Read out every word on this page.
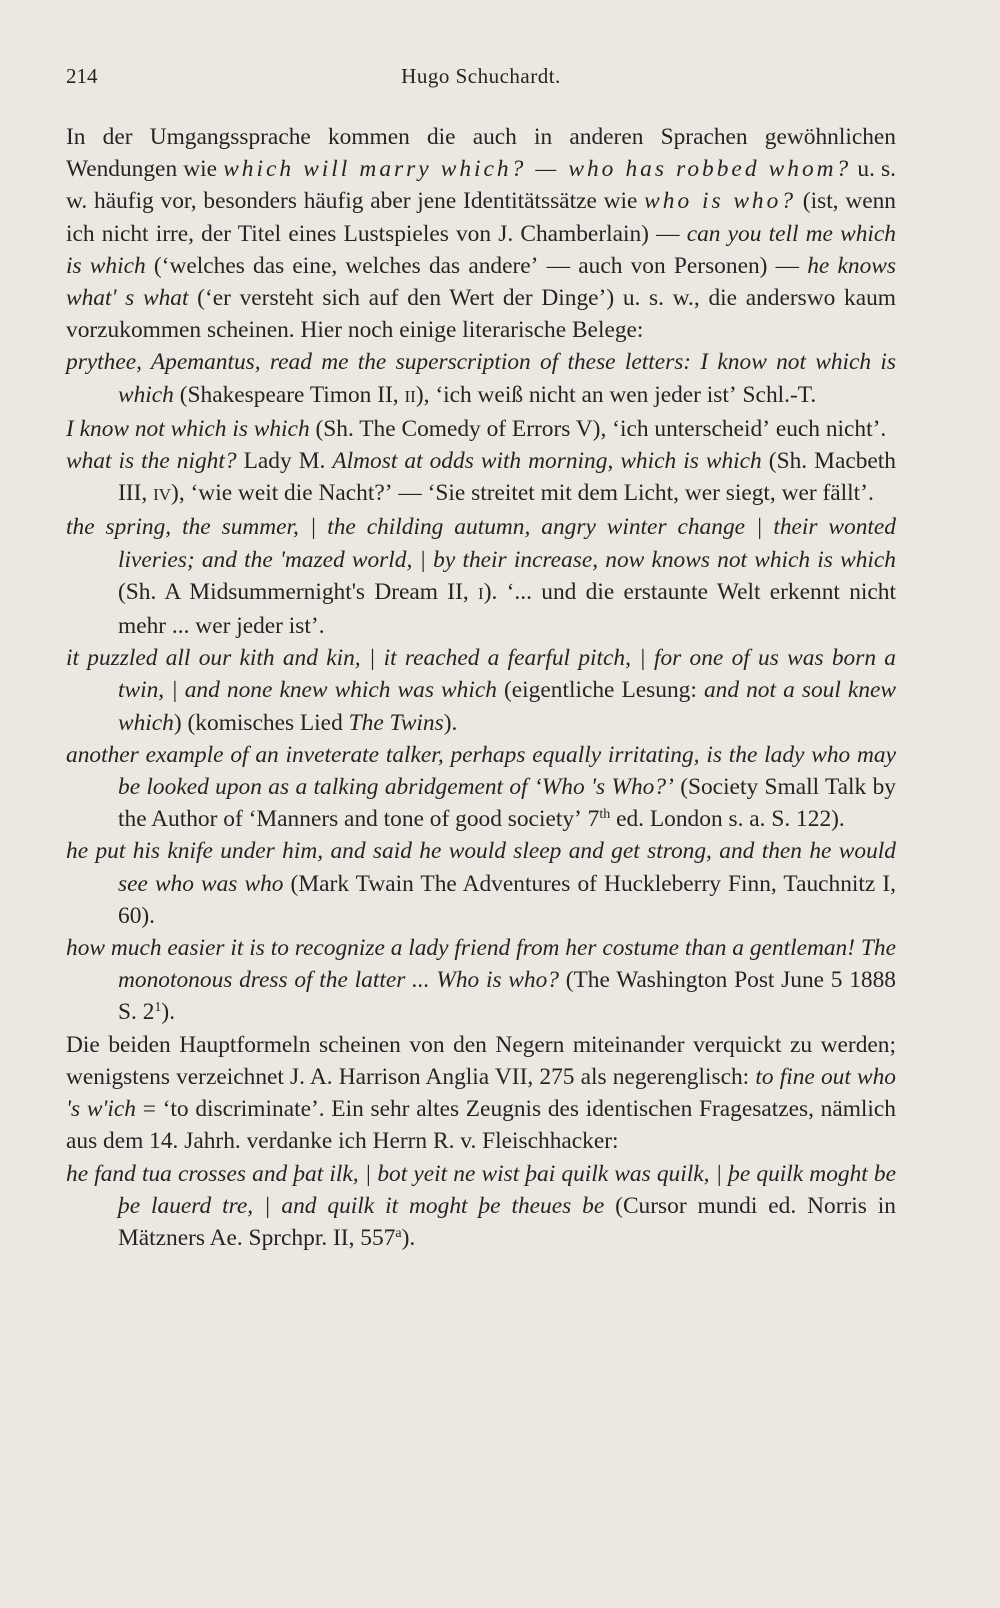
214	Hugo Schuchardt.

In der Umgangssprache kommen die auch in anderen Sprachen gewöhnlichen Wendungen wie which will marry which? — who has robbed whom? u. s. w. häufig vor, besonders häufig aber jene Identitätssätze wie who is who? (ist, wenn ich nicht irre, der Titel eines Lustspieles von J. Chamberlain) — can you tell me which is which (ʻwelches das eine, welches das andereʼ — auch von Personen) — he knows what' s what (ʻer versteht sich auf den Wert der Dingeʼ) u. s. w., die anderswo kaum vorzukommen scheinen. Hier noch einige literarische Belege:

prythee, Apemantus, read me the superscription of these letters: I know not which is which (Shakespeare Timon II, II), ʻich weiß nicht an wen jeder istʼ Schl.-T.

I know not which is which (Sh. The Comedy of Errors V), ʻich unterscheidʼ euch nichtʼ.

what is the night? Lady M. Almost at odds with morning, which is which (Sh. Macbeth III, IV), ʻwie weit die Nacht?ʼ — ʻSie streitet mit dem Licht, wer siegt, wer fälltʼ.

the spring, the summer, | the childing autumn, angry winter change | their wonted liveries; and the 'mazed world, | by their increase, now knows not which is which (Sh. A Midsummernight's Dream II, I). ʻ... und die erstaunte Welt erkennt nicht mehr ... wer jeder istʼ.

it puzzled all our kith and kin, | it reached a fearful pitch, | for one of us was born a twin, | and none knew which was which (eigentliche Lesung: and not a soul knew which) (komisches Lied The Twins).

another example of an inveterate talker, perhaps equally irritating, is the lady who may be looked upon as a talking abridgement of ʻWho 's Who?ʼ (Society Small Talk by the Author of ʻManners and tone of good societyʼ 7th ed. London s. a. S. 122).

he put his knife under him, and said he would sleep and get strong, and then he would see who was who (Mark Twain The Adventures of Huckleberry Finn, Tauchnitz I, 60).

how much easier it is to recognize a lady friend from her costume than a gentleman! The monotonous dress of the latter ... Who is who? (The Washington Post June 5 1888 S. $2^1$).

Die beiden Hauptformeln scheinen von den Negern miteinander verquickt zu werden; wenigstens verzeichnet J. A. Harrison Anglia VII, 275 als negerenglisch: to fine out who 's w'ich = ʻto discriminateʼ. Ein sehr altes Zeugnis des identischen Fragesatzes, nämlich aus dem 14. Jahrh. verdanke ich Herrn R. v. Fleischhacker:

he fand tua crosses and þat ilk, | bot yeit ne wist þai quilk was quilk, | þe quilk moght be þe lauerd tre, | and quilk it moght þe theues be (Cursor mundi ed. Norris in Mätzners Ae. Sprchpr. II, 557$^a$).
